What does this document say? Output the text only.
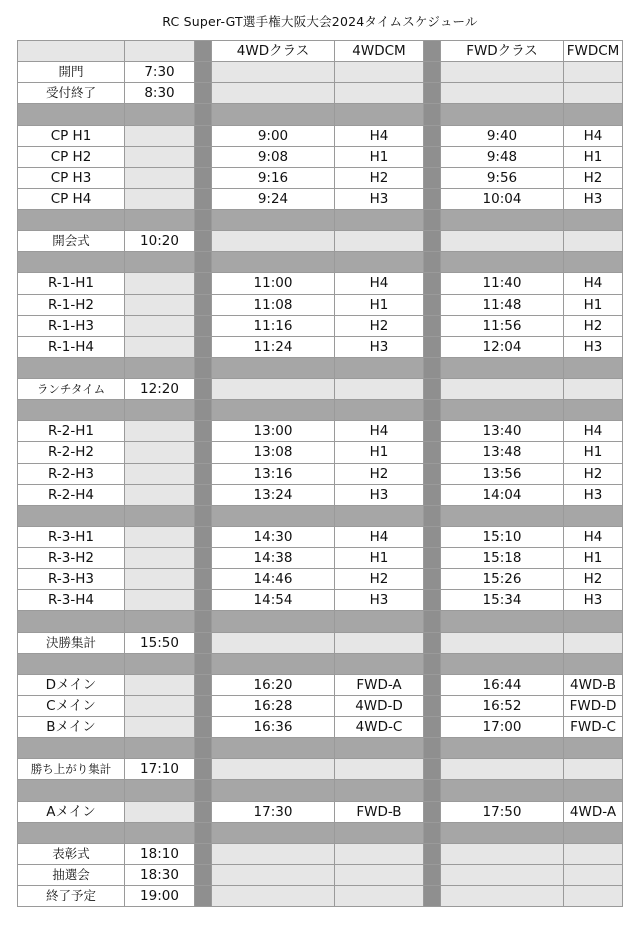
RC Super-GT選手権大阪大会2024タイムスケジュール
			4WDクラス	4WDCM		FWDクラス	FWDCM
開門	7:30						
受付終了	8:30						

CP H1			9:00	H4		9:40	H4
CP H2			9:08	H1		9:48	H1
CP H3			9:16	H2		9:56	H2
CP H4			9:24	H3		10:04	H3

開会式	10:20						

R-1-H1			11:00	H4		11:40	H4
R-1-H2			11:08	H1		11:48	H1
R-1-H3			11:16	H2		11:56	H2
R-1-H4			11:24	H3		12:04	H3

ランチタイム	12:20						

R-2-H1			13:00	H4		13:40	H4
R-2-H2			13:08	H1		13:48	H1
R-2-H3			13:16	H2		13:56	H2
R-2-H4			13:24	H3		14:04	H3

R-3-H1			14:30	H4		15:10	H4
R-3-H2			14:38	H1		15:18	H1
R-3-H3			14:46	H2		15:26	H2
R-3-H4			14:54	H3		15:34	H3

決勝集計	15:50						

Dメイン			16:20	FWD-A		16:44	4WD-B
Cメイン			16:28	4WD-D		16:52	FWD-D
Bメイン			16:36	4WD-C		17:00	FWD-C

勝ち上がり集計	17:10						

Aメイン			17:30	FWD-B		17:50	4WD-A

表彰式	18:10						
抽選会	18:30						
終了予定	19:00						
